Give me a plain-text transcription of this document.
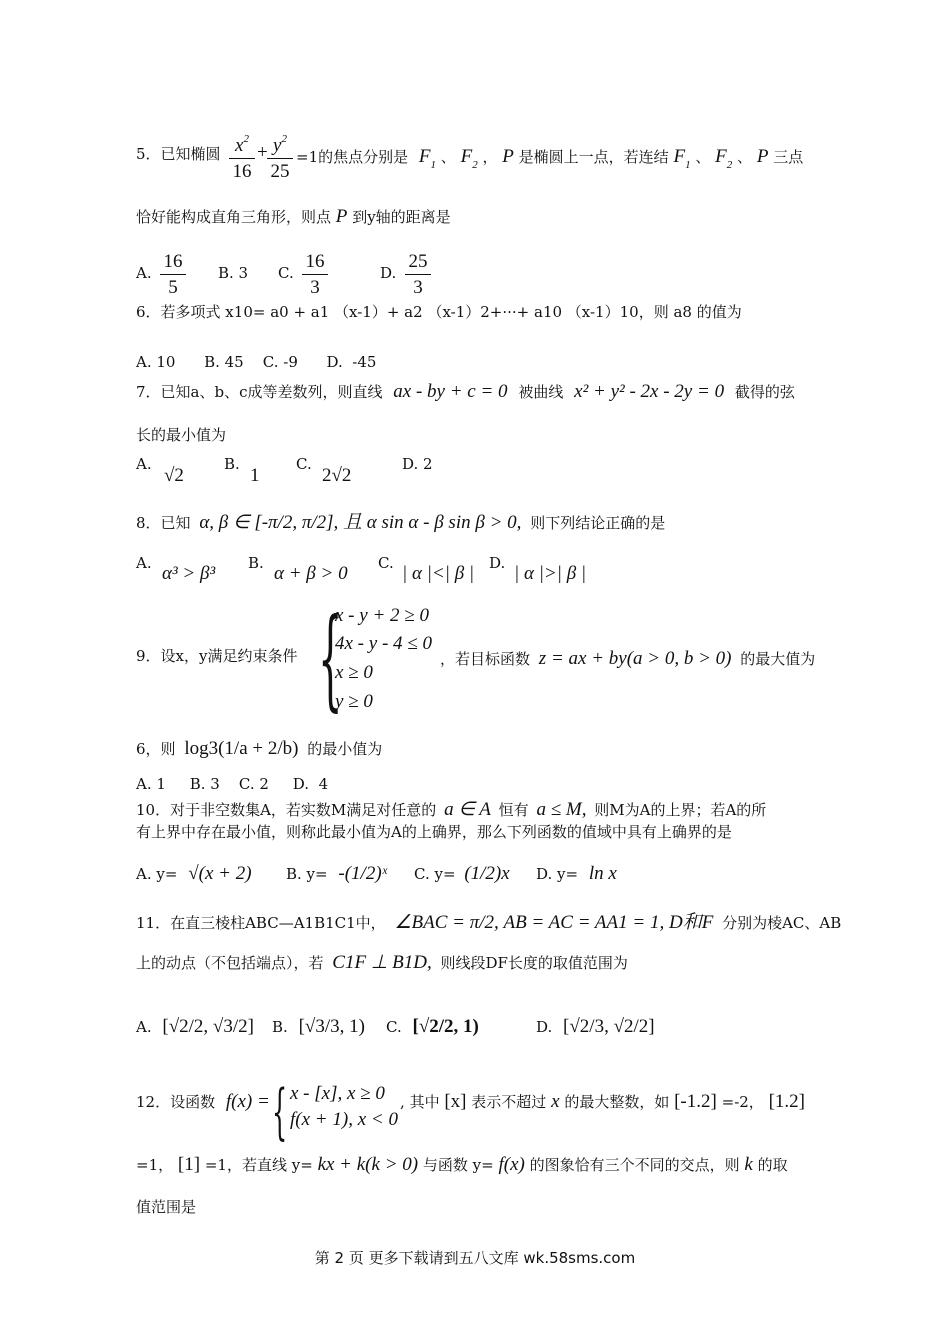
5．已知椭圆 $x^2$
16
+ $y^2$
25
=1的焦点分别是 $F_1$ 、 $F_2$ ， P 是椭圆上一点，若连结 $F_1$ 、 $F_2$ 、 P 三点
恰好能构成直角三角形，则点 P 到y轴的距离是
A.
16
5
B. 3 C.
16
3
D.
25
3
6．若多项式 x10= a0 + a1 （x-1）+ a2 （x-1）2+···+ a10 （x-1）10，则 a8 的值为
A. 10      B. 45    C. -9      D.  -45
7．已知a、b、c成等差数列，则直线 ax - by + c = 0 被曲线 x² + y² - 2x - 2y = 0 截得的弦
长的最小值为
A.
√2
B.
1
C.
2√2
D. 2
8．已知 α, β ∈ [-π/2, π/2], 且 α sin α - β sin β > 0, 则下列结论正确的是
A. α³ > β³ B. α + β > 0 C. | α |<| β | D. | α |>| β |
9．设x，y满足约束条件 {
x - y + 2 ≥ 0
4x - y - 4 ≤ 0
x ≥ 0
y ≥ 0
，若目标函数 z = ax + by(a > 0, b > 0) 的最大值为
6，则 log3(1/a + 2/b) 的最小值为
A. 1     B. 3    C. 2     D.  4
10．对于非空数集A，若实数M满足对任意的 a ∈ A 恒有 a ≤ M, 则M为A的上界；若A的所
有上界中存在最小值，则称此最小值为A的上确界，那么下列函数的值域中具有上确界的是
A. y= √(x + 2) B. y= -(1/2)ˣ C. y= (1/2)x D. y= ln x
11．在直三棱柱ABC—A1B1C1中， ∠BAC = π/2, AB = AC = AA1 = 1, D和F 分别为棱AC、AB
上的动点（不包括端点），若 C1F ⊥ B1D, 则线段DF长度的取值范围为
A. [√2/2, √3/2] B. [√3/3, 1) C. [√2/2, 1)	D. [√2/3, √2/2]
12．设函数 f(x) = { x - [x], x ≥ 0
f(x + 1), x < 0
, 其中 [x] 表示不超过 x 的最大整数，如 [-1.2] =-2， [1.2]
=1， [1] =1，若直线 y= kx + k(k > 0) 与函数 y= f(x) 的图象恰有三个不同的交点，则 k 的取
值范围是
第 2 页 更多下载请到五八文库 wk.58sms.com
